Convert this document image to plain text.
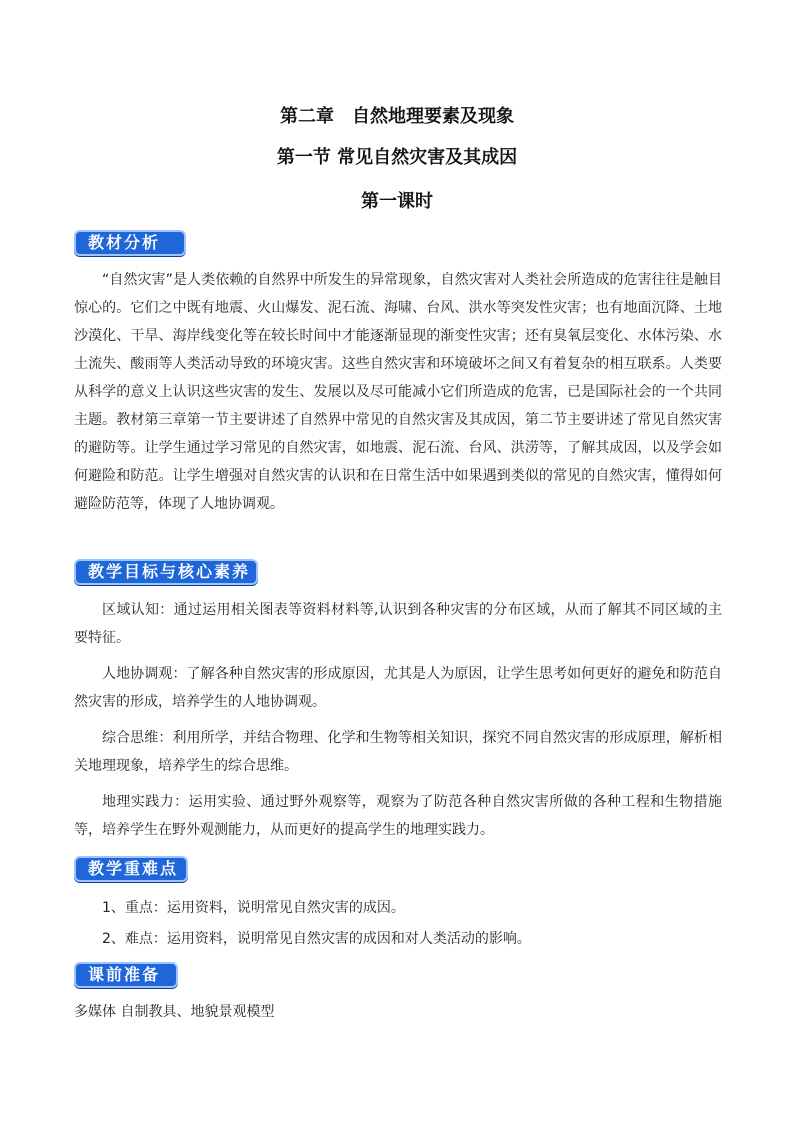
第二章　自然地理要素及现象
第一节 常见自然灾害及其成因
第一课时
教材分析

“自然灾害”是人类依赖的自然界中所发生的异常现象，自然灾害对人类社会所造成的危害往往是触目惊心的。它们之中既有地震、火山爆发、泥石流、海啸、台风、洪水等突发性灾害；也有地面沉降、土地沙漠化、干旱、海岸线变化等在较长时间中才能逐渐显现的渐变性灾害；还有臭氧层变化、水体污染、水土流失、酸雨等人类活动导致的环境灾害。这些自然灾害和环境破坏之间又有着复杂的相互联系。人类要从科学的意义上认识这些灾害的发生、发展以及尽可能减小它们所造成的危害，已是国际社会的一个共同主题。教材第三章第一节主要讲述了自然界中常见的自然灾害及其成因，第二节主要讲述了常见自然灾害的避防等。让学生通过学习常见的自然灾害，如地震、泥石流、台风、洪涝等，了解其成因，以及学会如何避险和防范。让学生增强对自然灾害的认识和在日常生活中如果遇到类似的常见的自然灾害，懂得如何避险防范等，体现了人地协调观。

教学目标与核心素养

区域认知：通过运用相关图表等资料材料等,认识到各种灾害的分布区域，从而了解其不同区域的主要特征。

人地协调观：了解各种自然灾害的形成原因，尤其是人为原因，让学生思考如何更好的避免和防范自然灾害的形成，培养学生的人地协调观。

综合思维：利用所学，并结合物理、化学和生物等相关知识，探究不同自然灾害的形成原理，解析相关地理现象，培养学生的综合思维。

地理实践力：运用实验、通过野外观察等，观察为了防范各种自然灾害所做的各种工程和生物措施等，培养学生在野外观测能力，从而更好的提高学生的地理实践力。

教学重难点

1、重点：运用资料，说明常见自然灾害的成因。

2、难点：运用资料，说明常见自然灾害的成因和对人类活动的影响。

课前准备

多媒体 自制教具、地貌景观模型
